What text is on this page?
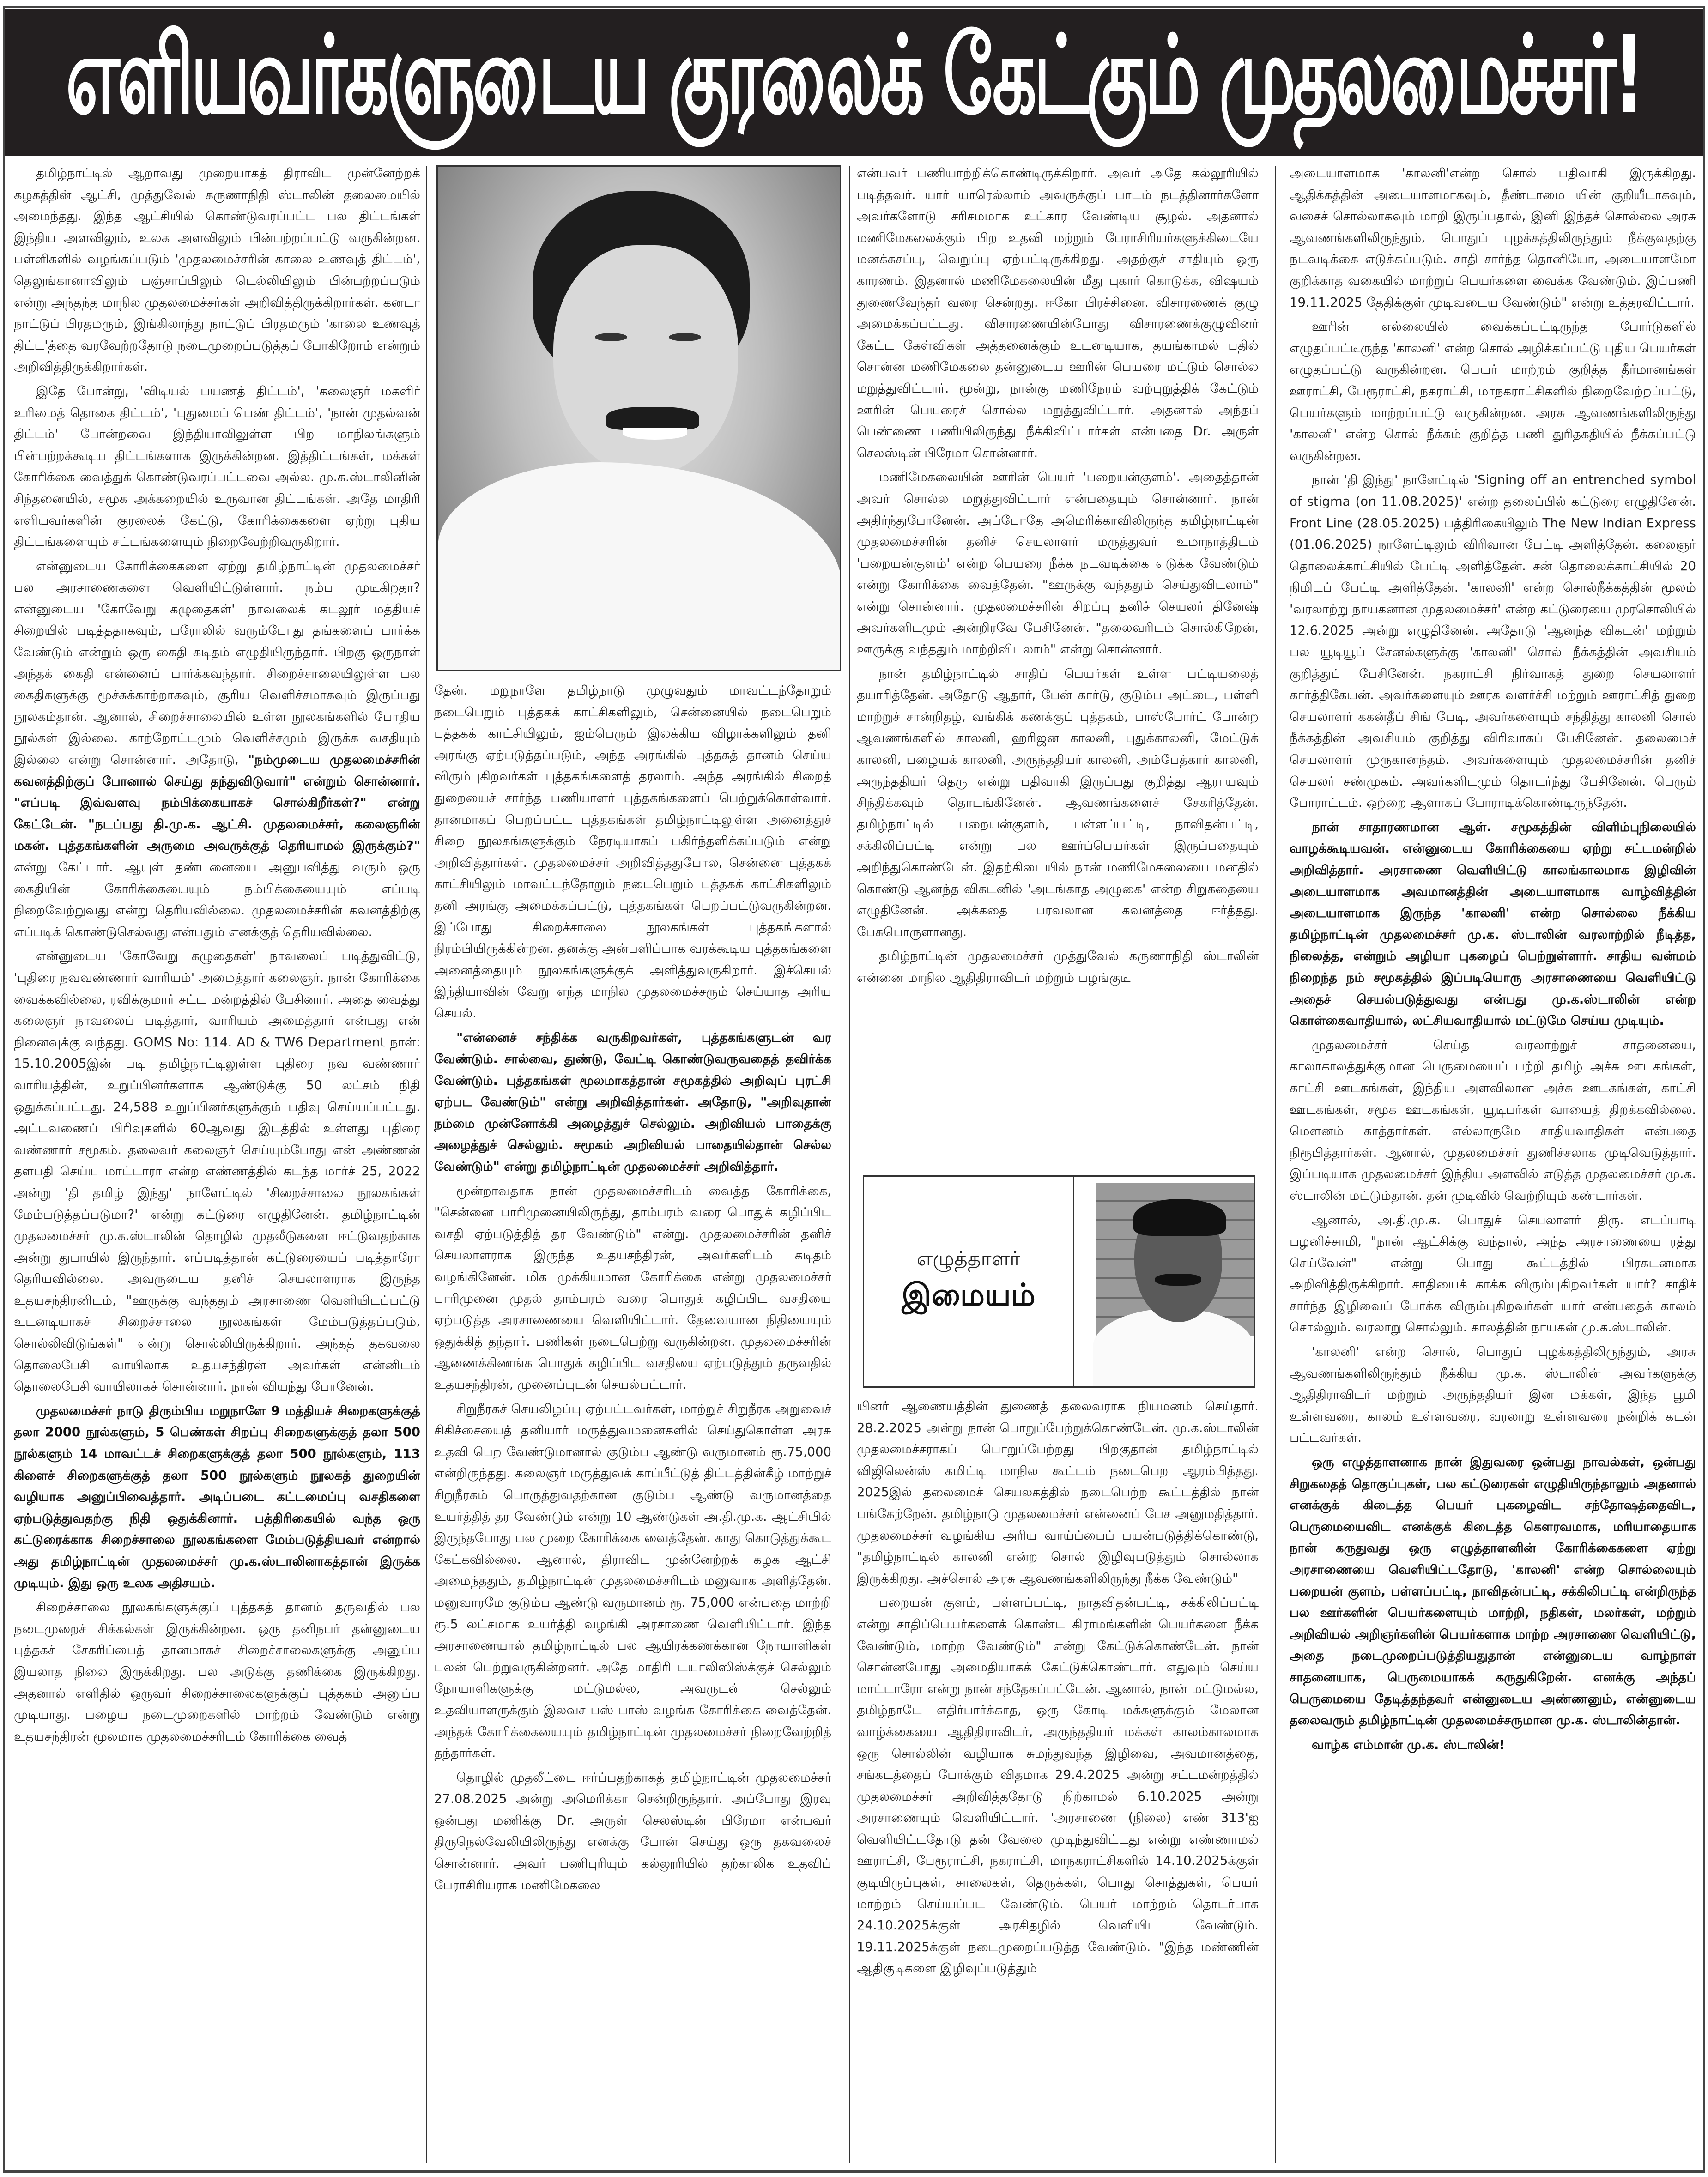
எளியவர்களுடைய குரலைக் கேட்கும் முதலமைச்சர்!

தமிழ்நாட்டில் ஆறாவது முறையாகத் திராவிட முன்னேற்றக் கழகத்தின் ஆட்சி, முத்துவேல் கருணாநிதி ஸ்டாலின் தலைமையில் அமைந்தது. இந்த ஆட்சியில் கொண்டுவரப்பட்ட பல திட்டங்கள் இந்திய அளவிலும், உலக அளவிலும் பின்பற்றப்பட்டு வருகின்றன. பள்ளிகளில் வழங்கப்படும் 'முதலமைச்சரின் காலை உணவுத் திட்டம்', தெலுங்கானாவிலும் பஞ்சாப்பிலும் டெல்லியிலும் பின்பற்றப்படும் என்று அந்தந்த மாநில முதலமைச்சர்கள் அறிவித்திருக்கிறார்கள். கனடா நாட்டுப் பிரதமரும், இங்கிலாந்து நாட்டுப் பிரதமரும் 'காலை உணவுத் திட்ட'த்தை வரவேற்றதோடு நடைமுறைப்படுத்தப் போகிறோம் என்றும் அறிவித்திருக்கிறார்கள்.

இதே போன்று, 'விடியல் பயணத் திட்டம்', 'கலைஞர் மகளிர் உரிமைத் தொகை திட்டம்', 'புதுமைப் பெண் திட்டம்', 'நான் முதல்வன் திட்டம்' போன்றவை இந்தியாவிலுள்ள பிற மாநிலங்களும் பின்பற்றக்கூடிய திட்டங்களாக இருக்கின்றன. இத்திட்டங்கள், மக்கள் கோரிக்கை வைத்துக் கொண்டுவரப்பட்டவை அல்ல. மு.க.ஸ்டாலினின் சிந்தனையில், சமூக அக்கறையில் உருவான திட்டங்கள். அதே மாதிரி எளியவர்களின் குரலைக் கேட்டு, கோரிக்கைகளை ஏற்று புதிய திட்டங்களையும் சட்டங்களையும் நிறைவேற்றிவருகிறார்.

என்னுடைய கோரிக்கைகளை ஏற்று தமிழ்நாட்டின் முதலமைச்சர் பல அரசாணைகளை வெளியிட்டுள்ளார். நம்ப முடிகிறதா? என்னுடைய 'கோவேறு கழுதைகள்' நாவலைக் கடலூர் மத்தியச் சிறையில் படித்ததாகவும், பரோலில் வரும்போது தங்களைப் பார்க்க வேண்டும் என்றும் ஒரு கைதி கடிதம் எழுதியிருந்தார். பிறகு ஒருநாள் அந்தக் கைதி என்னைப் பார்க்கவந்தார். சிறைச்சாலையிலுள்ள பல கைதிகளுக்கு மூச்சுக்காற்றாகவும், சூரிய வெளிச்சமாகவும் இருப்பது நூலகம்தான். ஆனால், சிறைச்சாலையில் உள்ள நூலகங்களில் போதிய நூல்கள் இல்லை. காற்றோட்டமும் வெளிச்சமும் இருக்க வசதியும் இல்லை என்று சொன்னார். அதோடு, "நம்முடைய முதலமைச்சரின் கவனத்திற்குப் போனால் செய்து தந்துவிடுவார்" என்றும் சொன்னார். "எப்படி இவ்வளவு நம்பிக்கையாகச் சொல்கிறீர்கள்?" என்று கேட்டேன். "நடப்பது தி.மு.க. ஆட்சி. முதலமைச்சர், கலைஞரின் மகன். புத்தகங்களின் அருமை அவருக்குத் தெரியாமல் இருக்கும்?" என்று கேட்டார். ஆயுள் தண்டனையை அனுபவித்து வரும் ஒரு கைதியின் கோரிக்கையையும் நம்பிக்கையையும் எப்படி நிறைவேற்றுவது என்று தெரியவில்லை. முதலமைச்சரின் கவனத்திற்கு எப்படிக் கொண்டுசெல்வது என்பதும் எனக்குத் தெரியவில்லை.

என்னுடைய 'கோவேறு கழுதைகள்' நாவலைப் படித்துவிட்டு, 'புதிரை நவவண்ணார் வாரியம்' அமைத்தார் கலைஞர். நான் கோரிக்கை வைக்கவில்லை, ரவிக்குமார் சட்ட மன்றத்தில் பேசினார். அதை வைத்து கலைஞர் நாவலைப் படித்தார், வாரியம் அமைத்தார் என்பது என் நினைவுக்கு வந்தது. GOMS No: 114. AD & TW6 Department நாள்: 15.10.2005இன் படி தமிழ்நாட்டிலுள்ள புதிரை நவ வண்ணார் வாரியத்தின், உறுப்பினர்களாக ஆண்டுக்கு 50 லட்சம் நிதி ஒதுக்கப்பட்டது. 24,588 உறுப்பினர்களுக்கும் பதிவு செய்யப்பட்டது. அட்டவணைப் பிரிவுகளில் 60ஆவது இடத்தில் உள்ளது புதிரை வண்ணார் சமூகம். தலைவர் கலைஞர் செய்யும்போது என் அண்ணன் தளபதி செய்ய மாட்டாரா என்ற எண்ணத்தில் கடந்த மார்ச் 25, 2022 அன்று 'தி தமிழ் இந்து' நாளேட்டில் 'சிறைச்சாலை நூலகங்கள் மேம்படுத்தப்படுமா?' என்று கட்டுரை எழுதினேன். தமிழ்நாட்டின் முதலமைச்சர் மு.க.ஸ்டாலின் தொழில் முதலீடுகளை ஈட்டுவதற்காக அன்று துபாயில் இருந்தார். எப்படித்தான் கட்டுரையைப் படித்தாரோ தெரியவில்லை. அவருடைய தனிச் செயலாளராக இருந்த உதயசந்திரனிடம், "ஊருக்கு வந்ததும் அரசாணை வெளியிடப்பட்டு உடனடியாகச் சிறைச்சாலை நூலகங்கள் மேம்படுத்தப்படும், சொல்லிவிடுங்கள்" என்று சொல்லியிருக்கிறார். அந்தத் தகவலை தொலைபேசி வாயிலாக உதயசந்திரன் அவர்கள் என்னிடம் தொலைபேசி வாயிலாகச் சொன்னார். நான் வியந்து போனேன்.

முதலமைச்சர் நாடு திரும்பிய மறுநாளே 9 மத்தியச் சிறைகளுக்குத் தலா 2000 நூல்களும், 5 பெண்கள் சிறப்பு சிறைகளுக்குத் தலா 500 நூல்களும் 14 மாவட்டச் சிறைகளுக்குத் தலா 500 நூல்களும், 113 கிளைச் சிறைகளுக்குத் தலா 500 நூல்களும் நூலகத் துறையின் வழியாக அனுப்பிவைத்தார். அடிப்படை கட்டமைப்பு வசதிகளை ஏற்படுத்துவதற்கு நிதி ஒதுக்கினார். பத்திரிகையில் வந்த ஒரு கட்டுரைக்காக சிறைச்சாலை நூலகங்களை மேம்படுத்தியவர் என்றால் அது தமிழ்நாட்டின் முதலமைச்சர் மு.க.ஸ்டாலினாகத்தான் இருக்க முடியும். இது ஒரு உலக அதிசயம்.

சிறைச்சாலை நூலகங்களுக்குப் புத்தகத் தானம் தருவதில் பல நடைமுறைச் சிக்கல்கள் இருக்கின்றன. ஒரு தனிநபர் தன்னுடைய புத்தகச் சேகரிப்பைத் தானமாகச் சிறைச்சாலைகளுக்கு அனுப்ப இயலாத நிலை இருக்கிறது. பல அடுக்கு தணிக்கை இருக்கிறது. அதனால் எளிதில் ஒருவர் சிறைச்சாலைகளுக்குப் புத்தகம் அனுப்ப முடியாது. பழைய நடைமுறைகளில் மாற்றம் வேண்டும் என்று உதயசந்திரன் மூலமாக முதலமைச்சரிடம் கோரிக்கை வைத்

தேன். மறுநாளே தமிழ்நாடு முழுவதும் மாவட்டந்தோறும் நடைபெறும் புத்தகக் காட்சிகளிலும், சென்னையில் நடைபெறும் புத்தகக் காட்சியிலும், ஐம்பெரும் இலக்கிய விழாக்களிலும் தனி அரங்கு ஏற்படுத்தப்படும், அந்த அரங்கில் புத்தகத் தானம் செய்ய விரும்புகிறவர்கள் புத்தகங்களைத் தரலாம். அந்த அரங்கில் சிறைத் துறையைச் சார்ந்த பணியாளர் புத்தகங்களைப் பெற்றுக்கொள்வார். தானமாகப் பெறப்பட்ட புத்தகங்கள் தமிழ்நாட்டிலுள்ள அனைத்துச் சிறை நூலகங்களுக்கும் நேரடியாகப் பகிர்ந்தளிக்கப்படும் என்று அறிவித்தார்கள். முதலமைச்சர் அறிவித்ததுபோல, சென்னை புத்தகக் காட்சியிலும் மாவட்டந்தோறும் நடைபெறும் புத்தகக் காட்சிகளிலும் தனி அரங்கு அமைக்கப்பட்டு, புத்தகங்கள் பெறப்பட்டுவருகின்றன. இப்போது சிறைச்சாலை நூலகங்கள் புத்தகங்களால் நிரம்பியிருக்கின்றன. தனக்கு அன்பளிப்பாக வரக்கூடிய புத்தகங்களை அனைத்தையும் நூலகங்களுக்குக் அளித்துவருகிறார். இச்செயல் இந்தியாவின் வேறு எந்த மாநில முதலமைச்சரும் செய்யாத அரிய செயல்.

"என்னைச் சந்திக்க வருகிறவர்கள், புத்தகங்களுடன் வர வேண்டும். சால்வை, துண்டு, வேட்டி கொண்டுவருவதைத் தவிர்க்க வேண்டும். புத்தகங்கள் மூலமாகத்தான் சமூகத்தில் அறிவுப் புரட்சி ஏற்பட வேண்டும்" என்று அறிவித்தார்கள். அதோடு, "அறிவுதான் நம்மை முன்னோக்கி அழைத்துச் செல்லும். அறிவியல் பாதைக்கு அழைத்துச் செல்லும். சமூகம் அறிவியல் பாதையில்தான் செல்ல வேண்டும்" என்று தமிழ்நாட்டின் முதலமைச்சர் அறிவித்தார்.

மூன்றாவதாக நான் முதலமைச்சரிடம் வைத்த கோரிக்கை, "சென்னை பாரிமுனையிலிருந்து, தாம்பரம் வரை பொதுக் கழிப்பிட வசதி ஏற்படுத்தித் தர வேண்டும்" என்று. முதலமைச்சரின் தனிச் செயலாளராக இருந்த உதயசந்திரன், அவர்களிடம் கடிதம் வழங்கினேன். மிக முக்கியமான கோரிக்கை என்று முதலமைச்சர் பாரிமுனை முதல் தாம்பரம் வரை பொதுக் கழிப்பிட வசதியை ஏற்படுத்த அரசாணையை வெளியிட்டார். தேவையான நிதியையும் ஒதுக்கித் தந்தார். பணிகள் நடைபெற்று வருகின்றன. முதலமைச்சரின் ஆணைக்கிணங்க பொதுக் கழிப்பிட வசதியை ஏற்படுத்தும் தருவதில் உதயசந்திரன், முனைப்புடன் செயல்பட்டார்.

சிறுநீரகச் செயலிழப்பு ஏற்பட்டவர்கள், மாற்றுச் சிறுநீரக அறுவைச் சிகிச்சையைத் தனியார் மருத்துவமனைகளில் செய்துகொள்ள அரசு உதவி பெற வேண்டுமானால் குடும்ப ஆண்டு வருமானம் ரூ.75,000 என்றிருந்தது. கலைஞர் மருத்துவக் காப்பீட்டுத் திட்டத்தின்கீழ் மாற்றுச் சிறுநீரகம் பொருத்துவதற்கான குடும்ப ஆண்டு வருமானத்தை உயர்த்தித் தர வேண்டும் என்று 10 ஆண்டுகள் அ.தி.மு.க. ஆட்சியில் இருந்தபோது பல முறை கோரிக்கை வைத்தேன். காது கொடுத்துக்கூட கேட்கவில்லை. ஆனால், திராவிட முன்னேற்றக் கழக ஆட்சி அமைந்ததும், தமிழ்நாட்டின் முதலமைச்சரிடம் மனுவாக அளித்தேன். மனுவாரமே குடும்ப ஆண்டு வருமானம் ரூ. 75,000 என்பதை மாற்றி ரூ.5 லட்சமாக உயர்த்தி வழங்கி அரசாணை வெளியிட்டார். இந்த அரசாணையால் தமிழ்நாட்டில் பல ஆயிரக்கணக்கான நோயாளிகள் பலன் பெற்றுவருகின்றனர். அதே மாதிரி டயாலிஸிஸ்க்குச் செல்லும் நோயாளிகளுக்கு மட்டுமல்ல, அவருடன் செல்லும் உதவியாளருக்கும் இலவச பஸ் பாஸ் வழங்க கோரிக்கை வைத்தேன். அந்தக் கோரிக்கையையும் தமிழ்நாட்டின் முதலமைச்சர் நிறைவேற்றித் தந்தார்கள்.

தொழில் முதலீட்டை ஈர்ப்பதற்காகத் தமிழ்நாட்டின் முதலமைச்சர் 27.08.2025 அன்று அமெரிக்கா சென்றிருந்தார். அப்போது இரவு ஒன்பது மணிக்கு Dr. அருள் செலஸ்டின் பிரேமா என்பவர் திருநெல்வேலியிலிருந்து எனக்கு போன் செய்து ஒரு தகவலைச் சொன்னார். அவர் பணிபுரியும் கல்லூரியில் தற்காலிக உதவிப் பேராசிரியராக மணிமேகலை

என்பவர் பணியாற்றிக்கொண்டிருக்கிறார். அவர் அதே கல்லூரியில் படித்தவர். யார் யாரெல்லாம் அவருக்குப் பாடம் நடத்தினார்களோ அவர்களோடு சரிசமமாக உட்கார வேண்டிய சூழல். அதனால் மணிமேகலைக்கும் பிற உதவி மற்றும் பேராசிரியர்களுக்கிடையே மனக்கசப்பு, வெறுப்பு ஏற்பட்டிருக்கிறது. அதற்குச் சாதியும் ஒரு காரணம். இதனால் மணிமேகலையின் மீது புகார் கொடுக்க, விஷயம் துணைவேந்தர் வரை சென்றது. ஈகோ பிரச்சினை. விசாரணைக் குழு அமைக்கப்பட்டது. விசாரணையின்போது விசாரணைக்குழுவினர் கேட்ட கேள்விகள் அத்தனைக்கும் உடனடியாக, தயங்காமல் பதில் சொன்ன மணிமேகலை தன்னுடைய ஊரின் பெயரை மட்டும் சொல்ல மறுத்துவிட்டார். மூன்று, நான்கு மணிநேரம் வற்புறுத்திக் கேட்டும் ஊரின் பெயரைச் சொல்ல மறுத்துவிட்டார். அதனால் அந்தப் பெண்ணை பணியிலிருந்து நீக்கிவிட்டார்கள் என்பதை Dr. அருள் செலஸ்டின் பிரேமா சொன்னார்.

மணிமேகலையின் ஊரின் பெயர் 'பறையன்குளம்'. அதைத்தான் அவர் சொல்ல மறுத்துவிட்டார் என்பதையும் சொன்னார். நான் அதிர்ந்துபோனேன். அப்போதே அமெரிக்காவிலிருந்த தமிழ்நாட்டின் முதலமைச்சரின் தனிச் செயலாளர் மருத்துவர் உமாநாத்திடம் 'பறையன்குளம்' என்ற பெயரை நீக்க நடவடிக்கை எடுக்க வேண்டும் என்று கோரிக்கை வைத்தேன். "ஊருக்கு வந்ததும் செய்துவிடலாம்" என்று சொன்னார். முதலமைச்சரின் சிறப்பு தனிச் செயலர் தினேஷ் அவர்களிடமும் அன்றிரவே பேசினேன். "தலைவரிடம் சொல்கிறேன், ஊருக்கு வந்ததும் மாற்றிவிடலாம்" என்று சொன்னார்.

நான் தமிழ்நாட்டில் சாதிப் பெயர்கள் உள்ள பட்டியலைத் தயாரித்தேன். அதோடு ஆதார், பேன் கார்டு, குடும்ப அட்டை, பள்ளி மாற்றுச் சான்றிதழ், வங்கிக் கணக்குப் புத்தகம், பாஸ்போர்ட் போன்ற ஆவணங்களில் காலனி, ஹரிஜன காலனி, புதுக்காலனி, மேட்டுக் காலனி, பழையக் காலனி, அருந்ததியர் காலனி, அம்பேத்கார் காலனி, அருந்ததியர் தெரு என்று பதிவாகி இருப்பது குறித்து ஆராயவும் சிந்திக்கவும் தொடங்கினேன். ஆவணங்களைச் சேகரித்தேன். தமிழ்நாட்டில் பறையன்குளம், பள்ளப்பட்டி, நாவிதன்பட்டி, சக்கிலிப்பட்டி என்று பல ஊர்ப்பெயர்கள் இருப்பதையும் அறிந்துகொண்டேன். இதற்கிடையில் நான் மணிமேகலையை மனதில் கொண்டு ஆனந்த விகடனில் 'அடங்காத அழுகை' என்ற சிறுகதையை எழுதினேன். அக்கதை பரவலான கவனத்தை ஈர்த்தது. பேசுபொருளானது.

தமிழ்நாட்டின் முதலமைச்சர் முத்துவேல் கருணாநிதி ஸ்டாலின் என்னை மாநில ஆதிதிராவிடர் மற்றும் பழங்குடி

எழுத்தாளர்
இமையம்

யினர் ஆணையத்தின் துணைத் தலைவராக நியமனம் செய்தார். 28.2.2025 அன்று நான் பொறுப்பேற்றுக்கொண்டேன். மு.க.ஸ்டாலின் முதலமைச்சராகப் பொறுப்பேற்றது பிறகுதான் தமிழ்நாட்டில் விஜிலென்ஸ் கமிட்டி மாநில கூட்டம் நடைபெற ஆரம்பித்தது. 2025இல் தலைமைச் செயலகத்தில் நடைபெற்ற கூட்டத்தில் நான் பங்கேற்றேன். தமிழ்நாடு முதலமைச்சர் என்னைப் பேச அனுமதித்தார். முதலமைச்சர் வழங்கிய அரிய வாய்ப்பைப் பயன்படுத்திக்கொண்டு, "தமிழ்நாட்டில் காலனி என்ற சொல் இழிவுபடுத்தும் சொல்லாக இருக்கிறது. அச்சொல் அரசு ஆவணங்களிலிருந்து நீக்க வேண்டும்"

பறையன் குளம், பள்ளப்பட்டி, நாதவிதன்பட்டி, சக்கிலிப்பட்டி என்று சாதிப்பெயர்களைக் கொண்ட கிராமங்களின் பெயர்களை நீக்க வேண்டும், மாற்ற வேண்டும்" என்று கேட்டுக்கொண்டேன். நான் சொன்னபோது அமைதியாகக் கேட்டுக்கொண்டார். எதுவும் செய்ய மாட்டாரோ என்று நான் சந்தேகப்பட்டேன். ஆனால், நான் மட்டுமல்ல, தமிழ்நாடே எதிர்பார்க்காத, ஒரு கோடி மக்களுக்கும் மேலான வாழ்க்கையை ஆதிதிராவிடர், அருந்ததியர் மக்கள் காலம்காலமாக ஒரு சொல்லின் வழியாக சுமந்துவந்த இழிவை, அவமானத்தை, சங்கடத்தைப் போக்கும் விதமாக 29.4.2025 அன்று சட்டமன்றத்தில் முதலமைச்சர் அறிவித்ததோடு நிற்காமல் 6.10.2025 அன்று அரசாணையும் வெளியிட்டார். 'அரசாணை (நிலை) எண் 313'ஐ வெளியிட்டதோடு தன் வேலை முடிந்துவிட்டது என்று எண்ணாமல் ஊராட்சி, பேரூராட்சி, நகராட்சி, மாநகராட்சிகளில் 14.10.2025க்குள் குடியிருப்புகள், சாலைகள், தெருக்கள், பொது சொத்துகள், பெயர் மாற்றம் செய்யப்பட வேண்டும். பெயர் மாற்றம் தொடர்பாக 24.10.2025க்குள் அரசிதழில் வெளியிட வேண்டும். 19.11.2025க்குள் நடைமுறைப்படுத்த வேண்டும். "இந்த மண்ணின் ஆதிகுடிகளை இழிவுப்படுத்தும்

அடையாளமாக 'காலனி'என்ற சொல் பதிவாகி இருக்கிறது. ஆதிக்கத்தின் அடையாளமாகவும், தீண்டாமை யின் குறியீடாகவும், வசைச் சொல்லாகவும் மாறி இருப்பதால், இனி இந்தச் சொல்லை அரசு ஆவணங்களிலிருந்தும், பொதுப் புழக்கத்திலிருந்தும் நீக்குவதற்கு நடவடிக்கை எடுக்கப்படும். சாதி சார்ந்த தொனியோ, அடையாளமோ குறிக்காத வகையில் மாற்றுப் பெயர்களை வைக்க வேண்டும். இப்பணி 19.11.2025 தேதிக்குள் முடிவடைய வேண்டும்" என்று உத்தரவிட்டார்.

ஊரின் எல்லையில் வைக்கப்பட்டிருந்த போர்டுகளில் எழுதப்பட்டிருந்த 'காலனி' என்ற சொல் அழிக்கப்பட்டு புதிய பெயர்கள் எழுதப்பட்டு வருகின்றன. பெயர் மாற்றம் குறித்த தீர்மானங்கள் ஊராட்சி, பேரூராட்சி, நகராட்சி, மாநகராட்சிகளில் நிறைவேற்றப்பட்டு, பெயர்களும் மாற்றப்பட்டு வருகின்றன. அரசு ஆவணங்களிலிருந்து 'காலனி' என்ற சொல் நீக்கம் குறித்த பணி துரிதகதியில் நீக்கப்பட்டு வருகின்றன.

நான் 'தி இந்து' நாளேட்டில் 'Signing off an entrenched symbol of stigma (on 11.08.2025)' என்ற தலைப்பில் கட்டுரை எழுதினேன். Front Line (28.05.2025) பத்திரிகையிலும் The New Indian Express (01.06.2025) நாளேட்டிலும் விரிவான பேட்டி அளித்தேன். கலைஞர் தொலைக்காட்சியில் பேட்டி அளித்தேன். சன் தொலைக்காட்சியில் 20 நிமிடப் பேட்டி அளித்தேன். 'காலனி' என்ற சொல்நீக்கத்தின் மூலம் 'வரலாற்று நாயகனான முதலமைச்சர்' என்ற கட்டுரையை முரசொலியில் 12.6.2025 அன்று எழுதினேன். அதோடு 'ஆனந்த விகடன்' மற்றும் பல யூடியூப் சேனல்களுக்கு 'காலனி' சொல் நீக்கத்தின் அவசியம் குறித்துப் பேசினேன். நகராட்சி நிர்வாகத் துறை செயலாளர் கார்த்திகேயன். அவர்களையும் ஊரக வளர்ச்சி மற்றும் ஊராட்சித் துறை செயலாளர் ககன்தீப் சிங் பேடி, அவர்களையும் சந்தித்து காலனி சொல் நீக்கத்தின் அவசியம் குறித்து விரிவாகப் பேசினேன். தலைமைச் செயலாளர் முருகானந்தம். அவர்களையும் முதலமைச்சரின் தனிச் செயலர் சண்முகம். அவர்களிடமும் தொடர்ந்து பேசினேன். பெரும் போராட்டம். ஒற்றை ஆளாகப் போராடிக்கொண்டிருந்தேன்.

நான் சாதாரணமான ஆள். சமூகத்தின் விளிம்புநிலையில் வாழக்கூடியவன். என்னுடைய கோரிக்கையை ஏற்று சட்டமன்றில் அறிவித்தார். அரசாணை வெளியிட்டு காலங்காலமாக இழிவின் அடையாளமாக அவமானத்தின் அடையாளமாக வாழ்வித்தின் அடையாளமாக இருந்த 'காலனி' என்ற சொல்லை நீக்கிய தமிழ்நாட்டின் முதலமைச்சர் மு.க. ஸ்டாலின் வரலாற்றில் நீடித்த, நிலைத்த, என்றும் அழியா புகழைப் பெற்றுள்ளார். சாதிய வன்மம் நிறைந்த நம் சமூகத்தில் இப்படியொரு அரசாணையை வெளியிட்டு அதைச் செயல்படுத்துவது என்பது மு.க.ஸ்டாலின் என்ற கொள்கைவாதியால், லட்சியவாதியால் மட்டுமே செய்ய முடியும்.

முதலமைச்சர் செய்த வரலாற்றுச் சாதனையை, காலாகாலத்துக்குமான பெருமையைப் பற்றி தமிழ் அச்சு ஊடகங்கள், காட்சி ஊடகங்கள், இந்திய அளவிலான அச்சு ஊடகங்கள், காட்சி ஊடகங்கள், சமூக ஊடகங்கள், யூடிபர்கள் வாயைத் திறக்கவில்லை. மௌனம் காத்தார்கள். எல்லாருமே சாதியவாதிகள் என்பதை நிரூபித்தார்கள். ஆனால், முதலமைச்சர் துணிச்சலாக முடிவெடுத்தார். இப்படியாக முதலமைச்சர் இந்திய அளவில் எடுத்த முதலமைச்சர் மு.க. ஸ்டாலின் மட்டும்தான். தன் முடிவில் வெற்றியும் கண்டார்கள்.

ஆனால், அ.தி.மு.க. பொதுச் செயலாளர் திரு. எடப்பாடி பழனிச்சாமி, "நான் ஆட்சிக்கு வந்தால், அந்த அரசாணையை ரத்து செய்வேன்" என்று பொது கூட்டத்தில் பிரகடனமாக அறிவித்திருக்கிறார். சாதியைக் காக்க விரும்புகிறவர்கள் யார்? சாதிச் சார்ந்த இழிவைப் போக்க விரும்புகிறவர்கள் யார் என்பதைக் காலம் சொல்லும். வரலாறு சொல்லும். காலத்தின் நாயகன் மு.க.ஸ்டாலின்.

'காலனி' என்ற சொல், பொதுப் புழக்கத்திலிருந்தும், அரசு ஆவணங்களிலிருந்தும் நீக்கிய மு.க. ஸ்டாலின் அவர்களுக்கு ஆதிதிராவிடர் மற்றும் அருந்ததியர் இன மக்கள், இந்த பூமி உள்ளவரை, காலம் உள்ளவரை, வரலாறு உள்ளவரை நன்றிக் கடன் பட்டவர்கள்.

ஒரு எழுத்தாளனாக நான் இதுவரை ஒன்பது நாவல்கள், ஒன்பது சிறுகதைத் தொகுப்புகள், பல கட்டுரைகள் எழுதியிருந்தாலும் அதனால் எனக்குக் கிடைத்த பெயர் புகழைவிட சந்தோஷத்தைவிட, பெருமையைவிட எனக்குக் கிடைத்த கௌரவமாக, மரியாதையாக நான் கருதுவது ஒரு எழுத்தாளனின் கோரிக்கைகளை ஏற்று அரசாணையை வெளியிட்டதோடு, 'காலனி' என்ற சொல்லையும் பறையன் குளம், பள்ளப்பட்டி, நாவிதன்பட்டி, சக்கிலிபட்டி என்றிருந்த பல ஊர்களின் பெயர்களையும் மாற்றி, நதிகள், மலர்கள், மற்றும் அறிவியல் அறிஞர்களின் பெயர்களாக மாற்ற அரசாணை வெளியிட்டு, அதை நடைமுறைப்படுத்தியதுதான் என்னுடைய வாழ்நாள் சாதனையாக, பெருமையாகக் கருதுகிறேன். எனக்கு அந்தப் பெருமையை தேடித்தந்தவர் என்னுடைய அண்ணனும், என்னுடைய தலைவரும் தமிழ்நாட்டின் முதலமைச்சருமான மு.க. ஸ்டாலின்தான்.

வாழ்க எம்மான் மு.க. ஸ்டாலின்!
